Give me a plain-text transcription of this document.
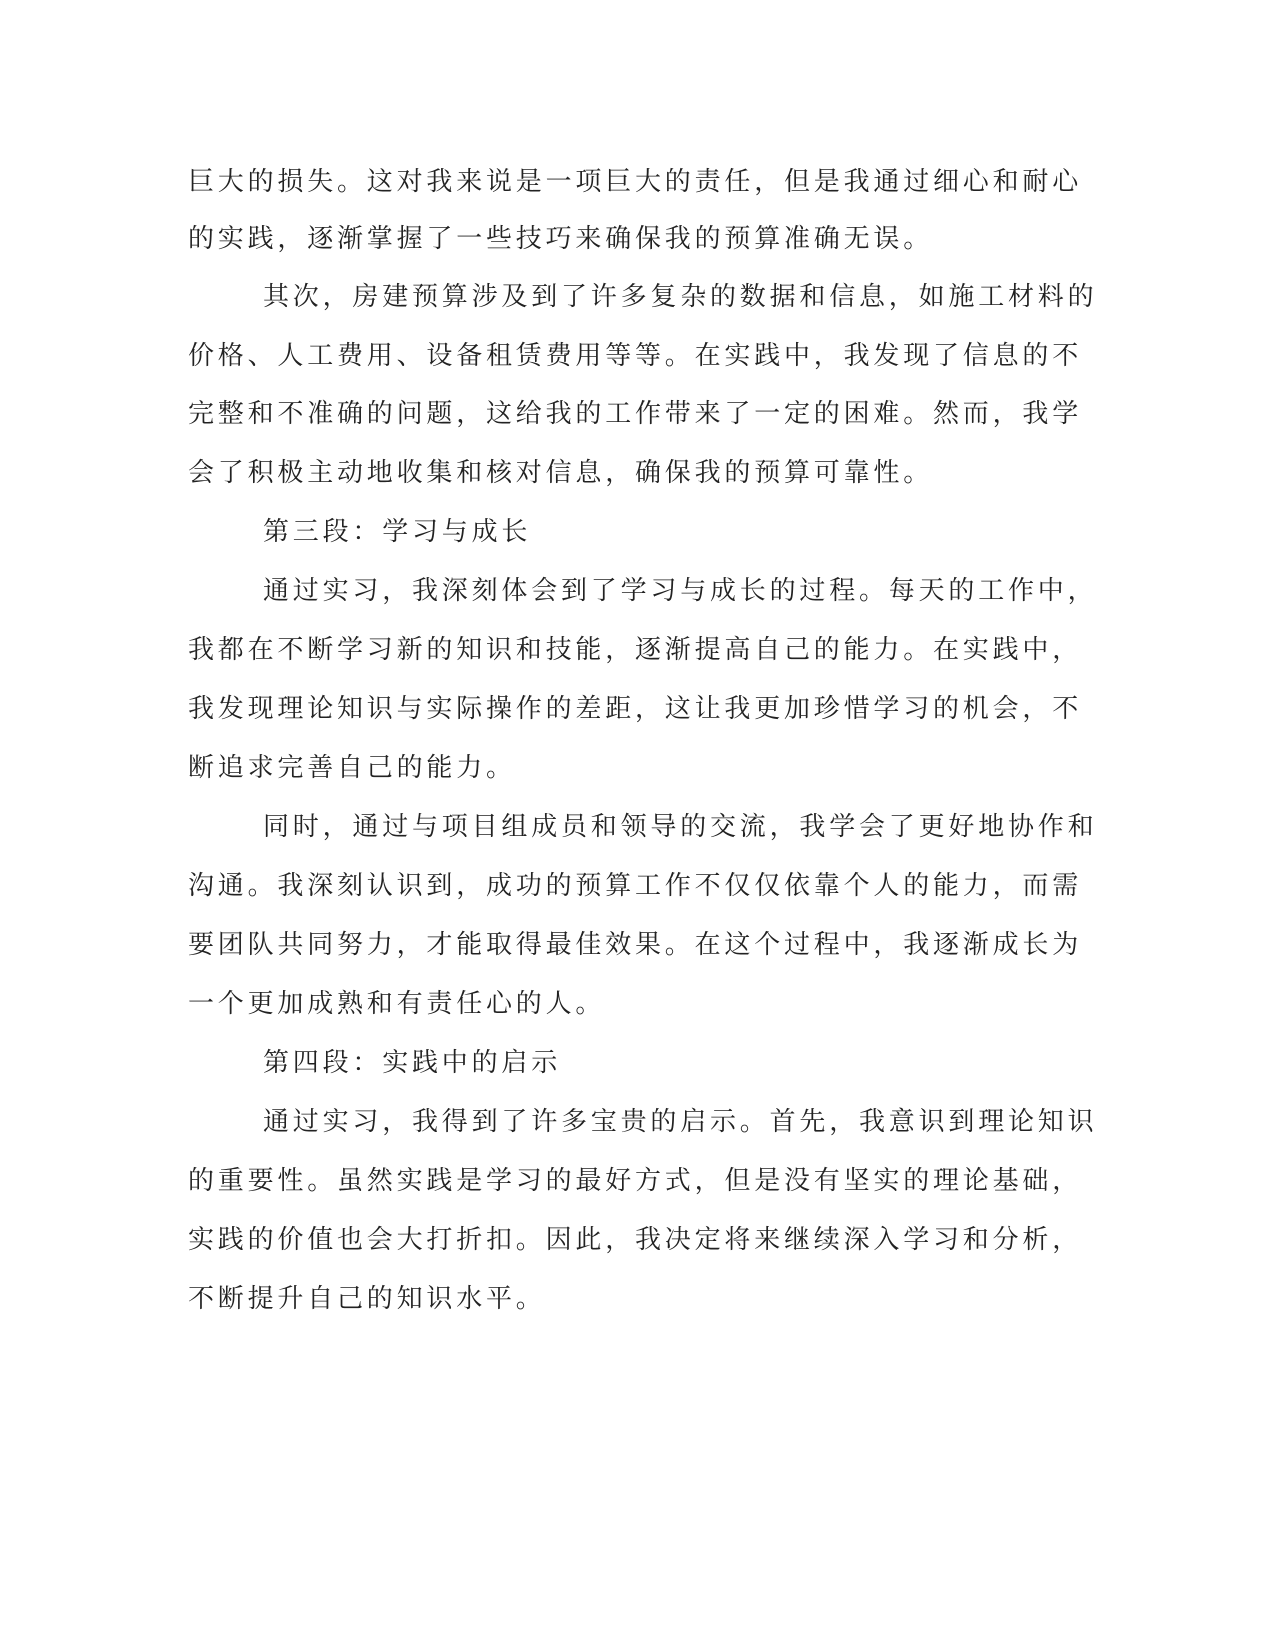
巨大的损失。这对我来说是一项巨大的责任，但是我通过细心和耐心
的实践，逐渐掌握了一些技巧来确保我的预算准确无误。
其次，房建预算涉及到了许多复杂的数据和信息，如施工材料的
价格、人工费用、设备租赁费用等等。在实践中，我发现了信息的不
完整和不准确的问题，这给我的工作带来了一定的困难。然而，我学
会了积极主动地收集和核对信息，确保我的预算可靠性。
第三段：学习与成长
通过实习，我深刻体会到了学习与成长的过程。每天的工作中，
我都在不断学习新的知识和技能，逐渐提高自己的能力。在实践中，
我发现理论知识与实际操作的差距，这让我更加珍惜学习的机会，不
断追求完善自己的能力。
同时，通过与项目组成员和领导的交流，我学会了更好地协作和
沟通。我深刻认识到，成功的预算工作不仅仅依靠个人的能力，而需
要团队共同努力，才能取得最佳效果。在这个过程中，我逐渐成长为
一个更加成熟和有责任心的人。
第四段：实践中的启示
通过实习，我得到了许多宝贵的启示。首先，我意识到理论知识
的重要性。虽然实践是学习的最好方式，但是没有坚实的理论基础，
实践的价值也会大打折扣。因此，我决定将来继续深入学习和分析，
不断提升自己的知识水平。
